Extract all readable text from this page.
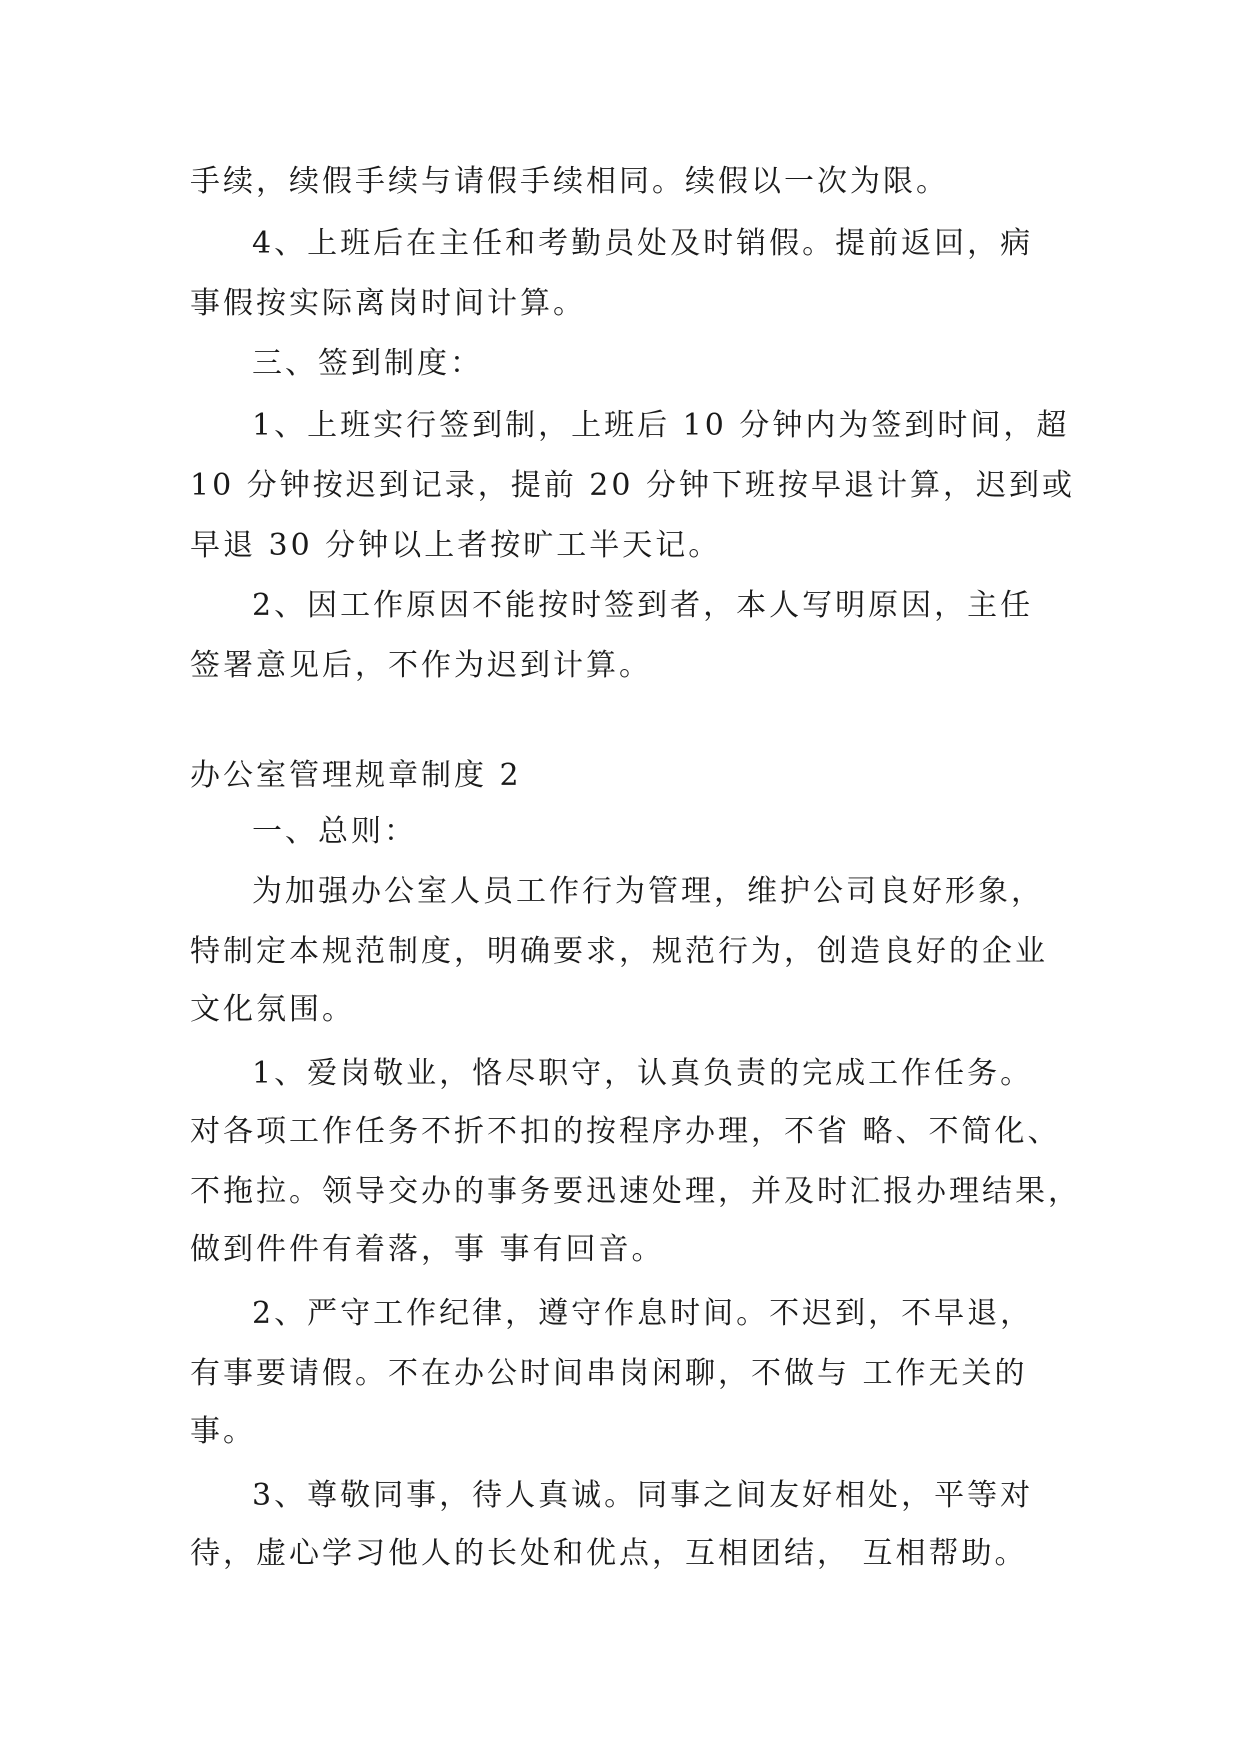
手续，续假手续与请假手续相同。续假以一次为限。
4、上班后在主任和考勤员处及时销假。提前返回，病
事假按实际离岗时间计算。
三、签到制度：
1、上班实行签到制，上班后 10 分钟内为签到时间，超
10 分钟按迟到记录，提前 20 分钟下班按早退计算，迟到或
早退 30 分钟以上者按旷工半天记。
2、因工作原因不能按时签到者，本人写明原因，主任
签署意见后，不作为迟到计算。
办公室管理规章制度 2
一、总则：
为加强办公室人员工作行为管理，维护公司良好形象，
特制定本规范制度，明确要求，规范行为，创造良好的企业
文化氛围。
1、爱岗敬业，恪尽职守，认真负责的完成工作任务。
对各项工作任务不折不扣的按程序办理，不省 略、不简化、
不拖拉。领导交办的事务要迅速处理，并及时汇报办理结果，
做到件件有着落，事 事有回音。
2、严守工作纪律，遵守作息时间。不迟到，不早退，
有事要请假。不在办公时间串岗闲聊，不做与 工作无关的
事。
3、尊敬同事，待人真诚。同事之间友好相处，平等对
待，虚心学习他人的长处和优点，互相团结， 互相帮助。
